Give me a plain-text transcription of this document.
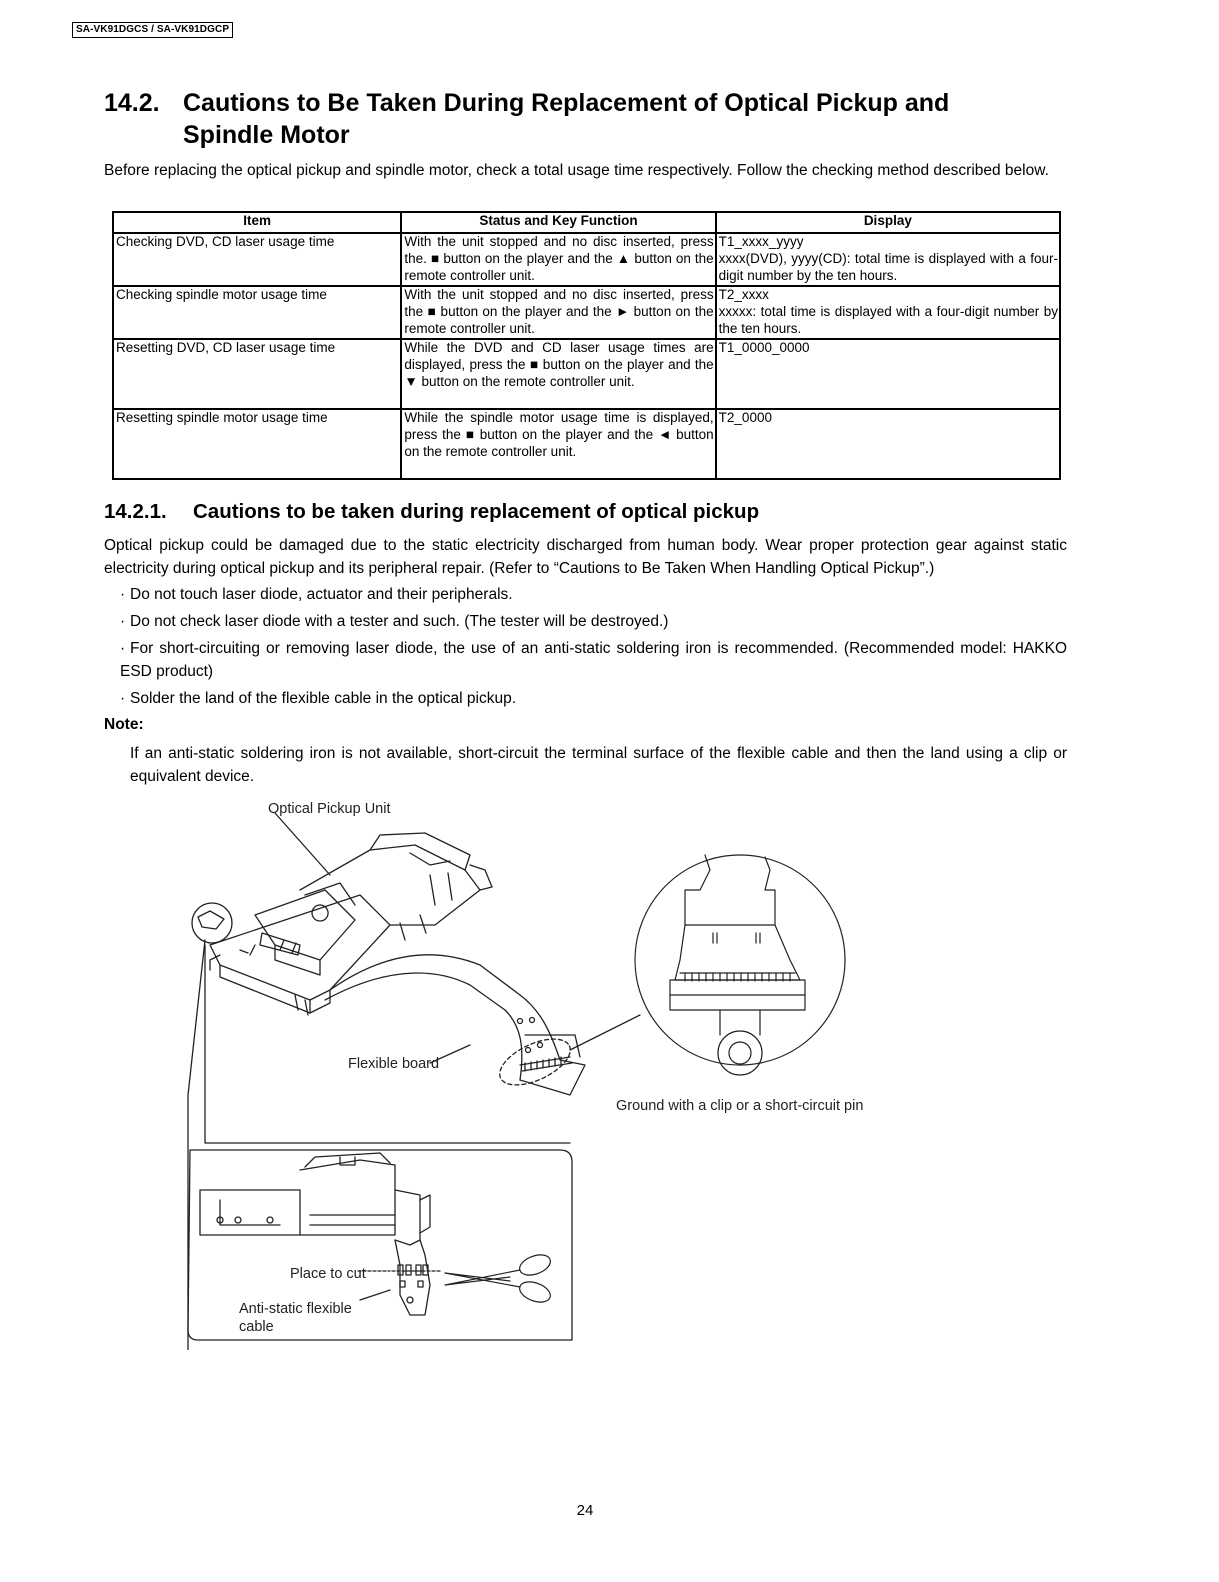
SA-VK91DGCS / SA-VK91DGCP
14.2. Cautions to Be Taken During Replacement of Optical Pickup and Spindle Motor
Before replacing the optical pickup and spindle motor, check a total usage time respectively. Follow the checking method described below.
Item	Status and Key Function	Display
Checking DVD, CD laser usage time	With the unit stopped and no disc inserted, press the. ■ button on the player and the ▲ button on the remote controller unit.	T1_xxxx_yyyy
xxxx(DVD), yyyy(CD): total time is displayed with a four-digit number by the ten hours.

Checking spindle motor usage time	With the unit stopped and no disc inserted, press the ■ button on the player and the ► button on the remote controller unit.	T2_xxxx
xxxxx: total time is displayed with a four-digit number by the ten hours.

Resetting DVD, CD laser usage time	While the DVD and CD laser usage times are displayed, press the ■ button on the player and the ▼ button on the remote controller unit.	T1_0000_0000

Resetting spindle motor usage time	While the spindle motor usage time is displayed, press the ■ button on the player and the ◄ button on the remote controller unit.	T2_0000
14.2.1. Cautions to be taken during replacement of optical pickup
Optical pickup could be damaged due to the static electricity discharged from human body. Wear proper protection gear against static electricity during optical pickup and its peripheral repair. (Refer to “Cautions to Be Taken When Handling Optical Pickup”.)
· Do not touch laser diode, actuator and their peripherals.
· Do not check laser diode with a tester and such. (The tester will be destroyed.)
· For short-circuiting or removing laser diode, the use of an anti-static soldering iron is recommended. (Recommended model: HAKKO ESD product)
· Solder the land of the flexible cable in the optical pickup.
Note:
If an anti-static soldering iron is not available, short-circuit the terminal surface of the flexible cable and then the land using a clip or equivalent device.
Optical Pickup Unit
Flexible board
Ground with a clip or a short-circuit pin
Place to cut
Anti-static flexible
cable
24
